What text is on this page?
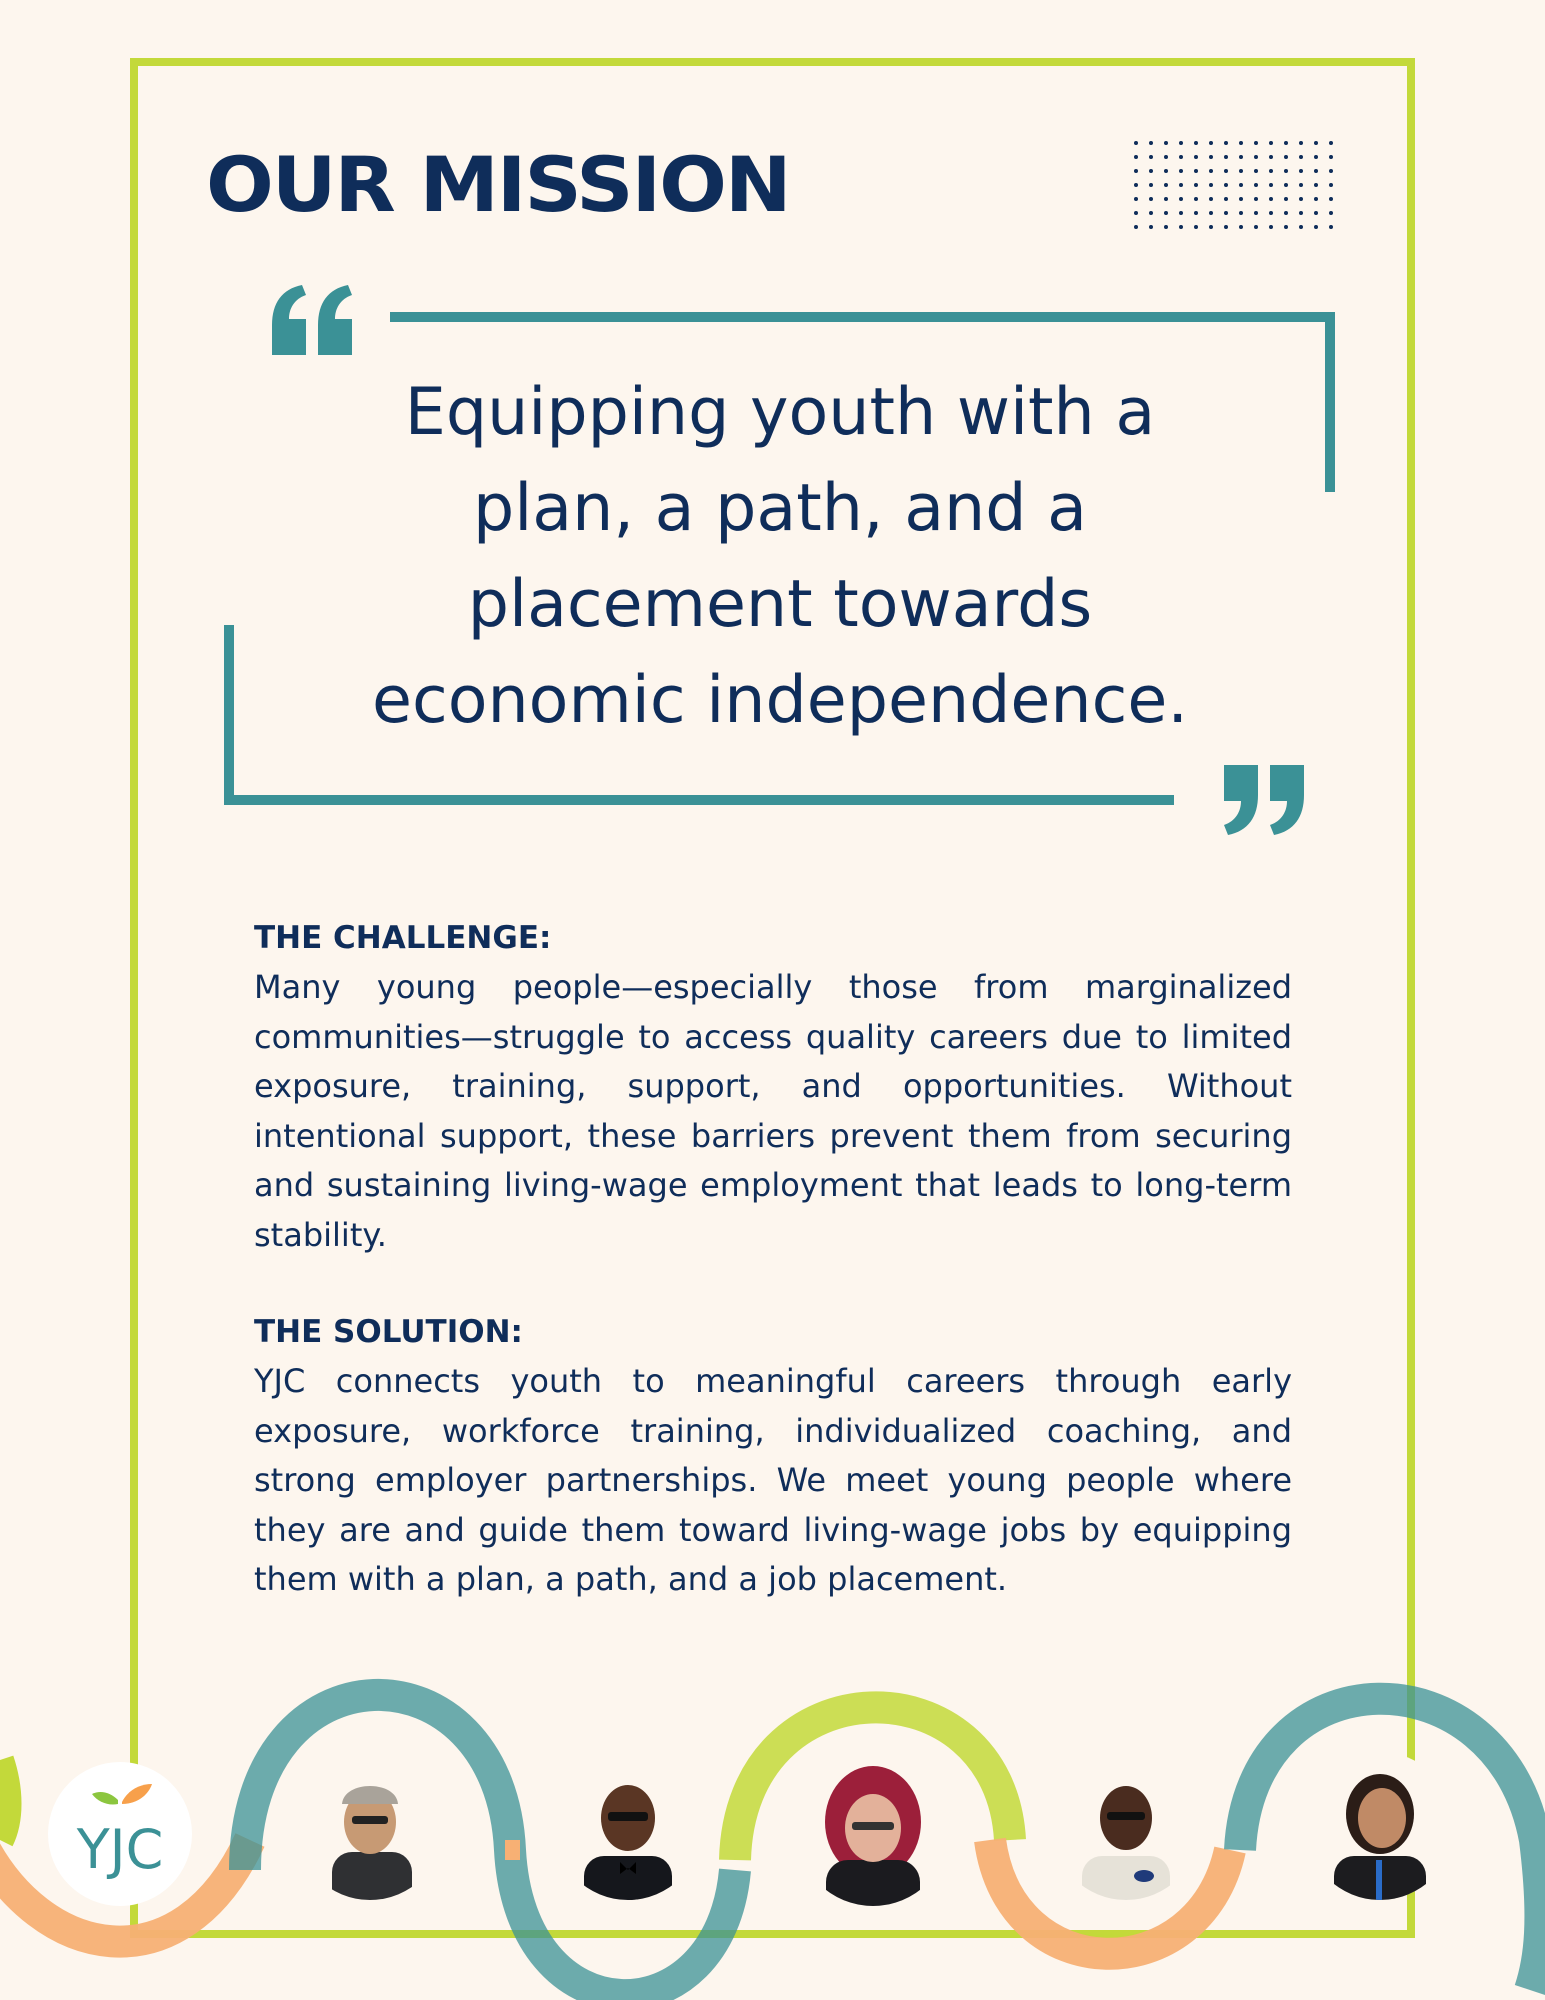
OUR MISSION
Equipping youth with a plan, a path, and a placement towards economic independence.
THE CHALLENGE:

Many young people—especially those from marginalized communities—struggle to access quality careers due to limited exposure, training, support, and opportunities. Without intentional support, these barriers prevent them from securing and sustaining living-wage employment that leads to long-term stability.

THE SOLUTION:

YJC connects youth to meaningful careers through early exposure, workforce training, individualized coaching, and strong employer partnerships. We meet young people where they are and guide them toward living-wage jobs by equipping them with a plan, a path, and a job placement.

YJC
